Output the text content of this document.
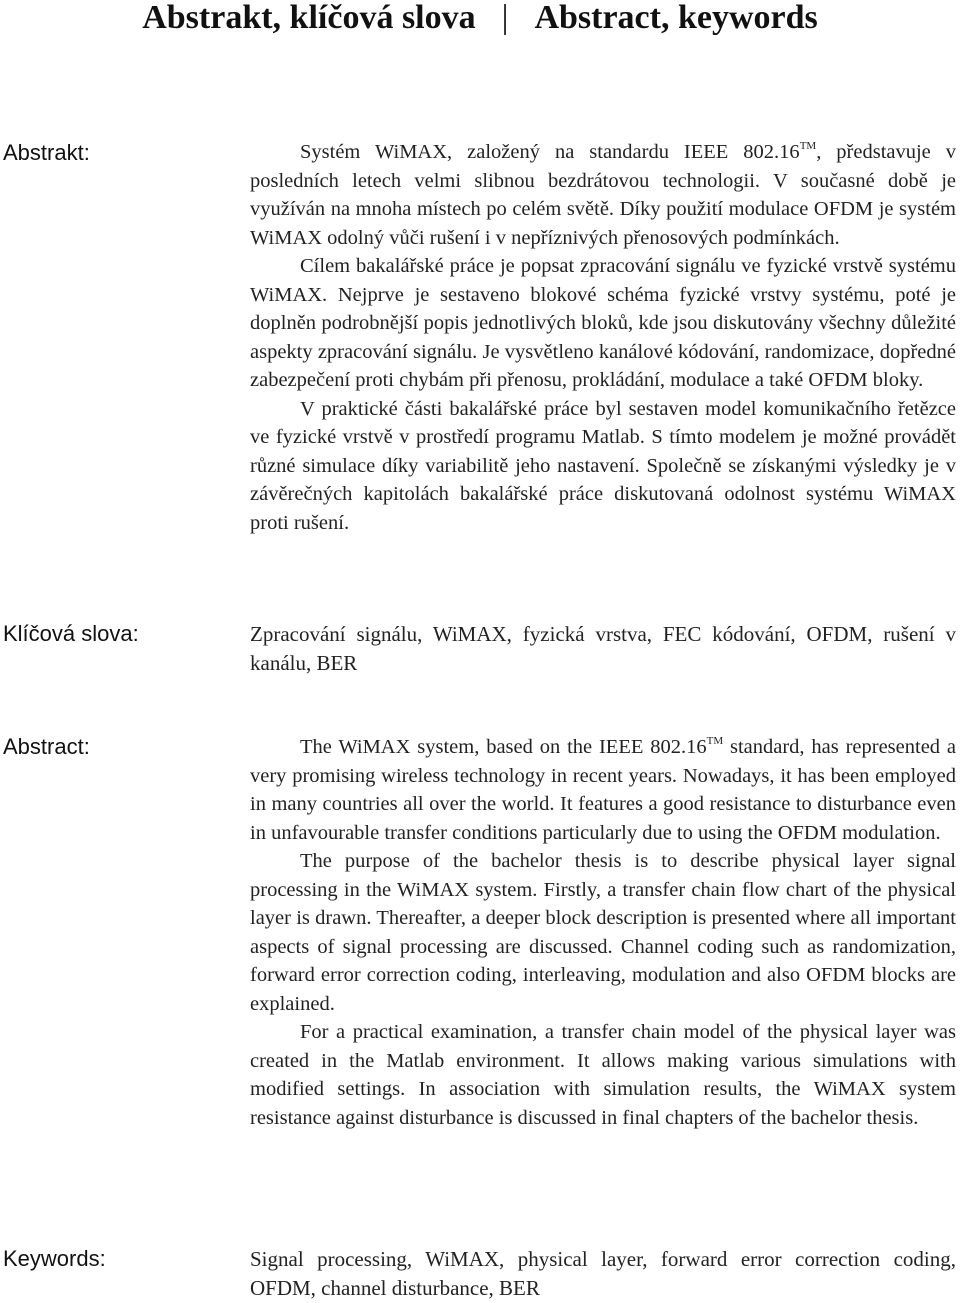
Abstrakt, klíčová slova | Abstract, keywords
Abstrakt:	Systém WiMAX, založený na standardu IEEE 802.16™, představuje v posledních letech velmi slibnou bezdrátovou technologii. V současné době je využíván na mnoha místech po celém světě. Díky použití modulace OFDM je systém WiMAX odolný vůči rušení i v nepříznivých přenosových podmínkách.

Cílem bakalářské práce je popsat zpracování signálu ve fyzické vrstvě systému WiMAX. Nejprve je sestaveno blokové schéma fyzické vrstvy systému, poté je doplněn podrobnější popis jednotlivých bloků, kde jsou diskutovány všechny důležité aspekty zpracování signálu. Je vysvětleno kanálové kódování, randomizace, dopředné zabezpečení proti chybám při přenosu, prokládání, modulace a také OFDM bloky.

V praktické části bakalářské práce byl sestaven model komunikačního řetězce ve fyzické vrstvě v prostředí programu Matlab. S tímto modelem je možné provádět různé simulace díky variabilitě jeho nastavení. Společně se získanými výsledky je v závěrečných kapitolách bakalářské práce diskutovaná odolnost systému WiMAX proti rušení.

Klíčová slova:	Zpracování signálu, WiMAX, fyzická vrstva, FEC kódování, OFDM, rušení v kanálu, BER

Abstract:	The WiMAX system, based on the IEEE 802.16™ standard, has represented a very promising wireless technology in recent years. Nowadays, it has been employed in many countries all over the world. It features a good resistance to disturbance even in unfavourable transfer conditions particularly due to using the OFDM modulation.

The purpose of the bachelor thesis is to describe physical layer signal processing in the WiMAX system. Firstly, a transfer chain flow chart of the physical layer is drawn. Thereafter, a deeper block description is presented where all important aspects of signal processing are discussed. Channel coding such as randomization, forward error correction coding, interleaving, modulation and also OFDM blocks are explained.

For a practical examination, a transfer chain model of the physical layer was created in the Matlab environment. It allows making various simulations with modified settings. In association with simulation results, the WiMAX system resistance against disturbance is discussed in final chapters of the bachelor thesis.

Keywords:	Signal processing, WiMAX, physical layer, forward error correction coding, OFDM, channel disturbance, BER
